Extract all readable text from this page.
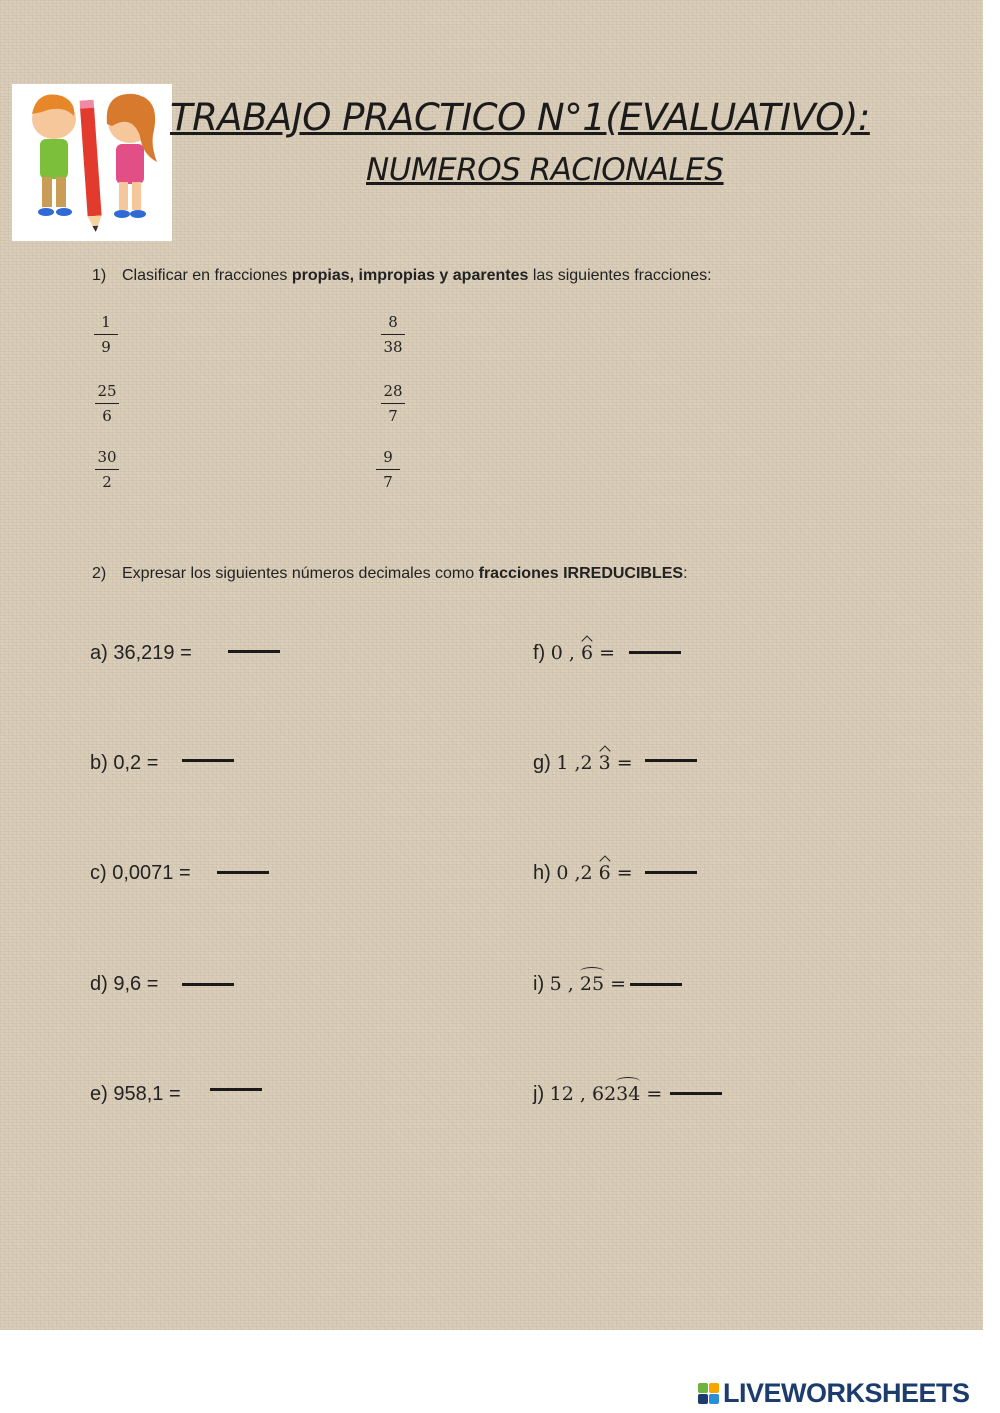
TRABAJO PRACTICO N°1(EVALUATIVO):
NUMEROS RACIONALES
1) Clasificar en fracciones propias, impropias y aparentes las siguientes fracciones:
1
9
8
38
25
6
28
7
30
2
9
7
2) Expresar los siguientes números decimales como fracciones IRREDUCIBLES:
a) 36,219 =
b) 0,2 =
c) 0,0071 =
d) 9,6 =
e) 958,1 =
f) 0 , 6 =
g) 1 ,2 3 =
h) 0 ,2 6 =
i) 5 , 25 =
j) 12 , 6234 =
LIVEWORKSHEETS
